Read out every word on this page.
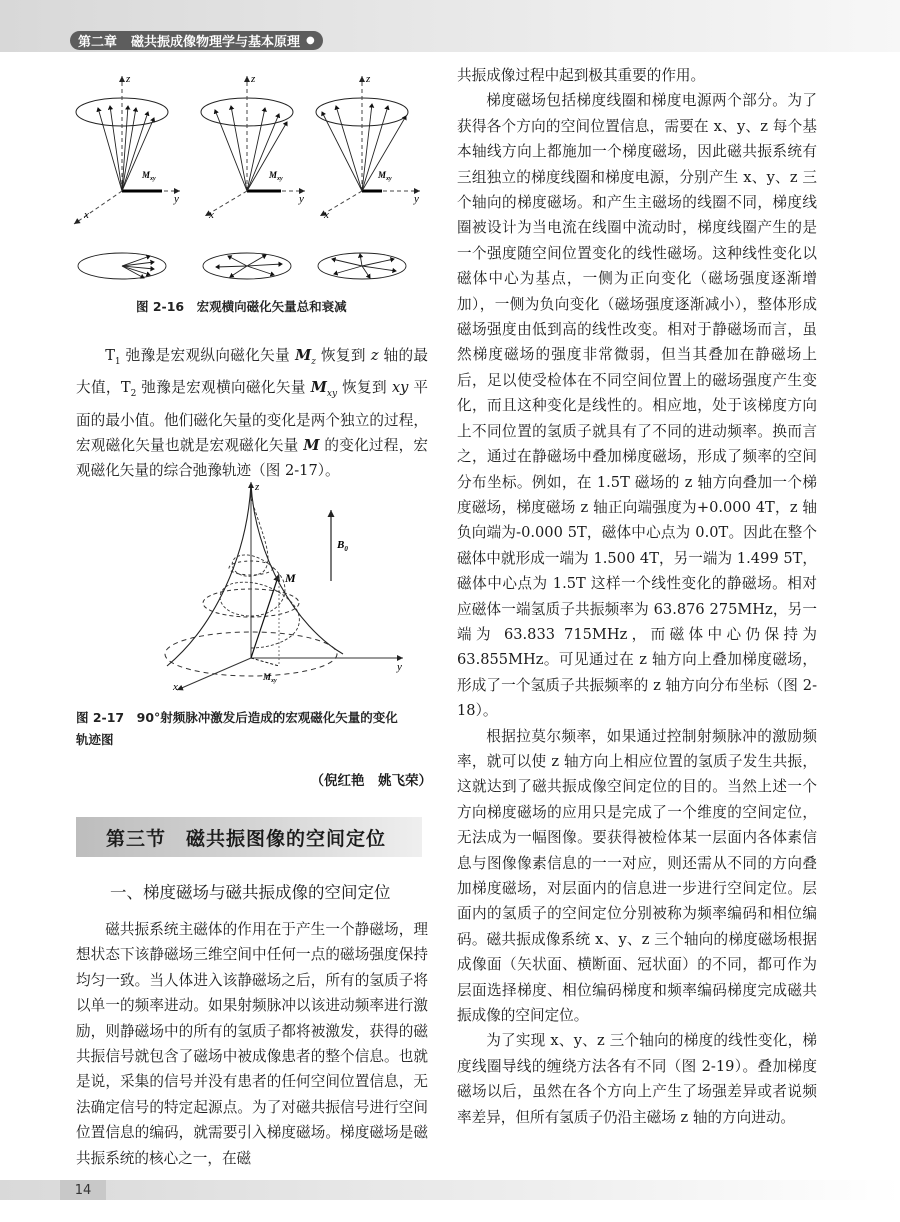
第二章 磁共振成像物理学与基本原理 ●
z
x
y
$M_{xy}$
z
x
y
$M_{xy}$
z
x
y
$M_{xy}$
图 2-16　宏观横向磁化矢量总和衰减

$T_1$ 弛豫是宏观纵向磁化矢量 $M_z$ 恢复到 z 轴的最大值，$T_2$ 弛豫是宏观横向磁化矢量 $M_{xy}$ 恢复到 xy 平面的最小值。他们磁化矢量的变化是两个独立的过程，宏观磁化矢量也就是宏观磁化矢量 M 的变化过程，宏观磁化矢量的综合弛豫轨迹（图 2-17）。

z
y
x
M
$B_0$
$M_{xy}$
图 2-17　90°射频脉冲激发后造成的宏观磁化矢量的变化
轨迹图
（倪红艳　姚飞荣）
第三节　磁共振图像的空间定位
一、梯度磁场与磁共振成像的空间定位

磁共振系统主磁体的作用在于产生一个静磁场，理想状态下该静磁场三维空间中任何一点的磁场强度保持均匀一致。当人体进入该静磁场之后，所有的氢质子将以单一的频率进动。如果射频脉冲以该进动频率进行激励，则静磁场中的所有的氢质子都将被激发，获得的磁共振信号就包含了磁场中被成像患者的整个信息。也就是说，采集的信号并没有患者的任何空间位置信息，无法确定信号的特定起源点。为了对磁共振信号进行空间位置信息的编码，就需要引入梯度磁场。梯度磁场是磁共振系统的核心之一，在磁

共振成像过程中起到极其重要的作用。

梯度磁场包括梯度线圈和梯度电源两个部分。为了获得各个方向的空间位置信息，需要在 x、y、z 每个基本轴线方向上都施加一个梯度磁场，因此磁共振系统有三组独立的梯度线圈和梯度电源，分别产生 x、y、z 三个轴向的梯度磁场。和产生主磁场的线圈不同，梯度线圈被设计为当电流在线圈中流动时，梯度线圈产生的是一个强度随空间位置变化的线性磁场。这种线性变化以磁体中心为基点，一侧为正向变化（磁场强度逐渐增加），一侧为负向变化（磁场强度逐渐减小），整体形成磁场强度由低到高的线性改变。相对于静磁场而言，虽然梯度磁场的强度非常微弱，但当其叠加在静磁场上后，足以使受检体在不同空间位置上的磁场强度产生变化，而且这种变化是线性的。相应地，处于该梯度方向上不同位置的氢质子就具有了不同的进动频率。换而言之，通过在静磁场中叠加梯度磁场，形成了频率的空间分布坐标。例如，在 1.5T 磁场的 z 轴方向叠加一个梯度磁场，梯度磁场 z 轴正向端强度为+0.000 4T，z 轴负向端为-0.000 5T，磁体中心点为 0.0T。因此在整个磁体中就形成一端为 1.500 4T，另一端为 1.499 5T，磁体中心点为 1.5T 这样一个线性变化的静磁场。相对应磁体一端氢质子共振频率为 63.876 275MHz，另一端为 63.833 715MHz，而磁体中心仍保持为 63.855MHz。可见通过在 z 轴方向上叠加梯度磁场，形成了一个氢质子共振频率的 z 轴方向分布坐标（图 2-18）。

根据拉莫尔频率，如果通过控制射频脉冲的激励频率，就可以使 z 轴方向上相应位置的氢质子发生共振，这就达到了磁共振成像空间定位的目的。当然上述一个方向梯度磁场的应用只是完成了一个维度的空间定位，无法成为一幅图像。要获得被检体某一层面内各体素信息与图像像素信息的一一对应，则还需从不同的方向叠加梯度磁场，对层面内的信息进一步进行空间定位。层面内的氢质子的空间定位分别被称为频率编码和相位编码。磁共振成像系统 x、y、z 三个轴向的梯度磁场根据成像面（矢状面、横断面、冠状面）的不同，都可作为层面选择梯度、相位编码梯度和频率编码梯度完成磁共振成像的空间定位。

为了实现 x、y、z 三个轴向的梯度的线性变化，梯度线圈导线的缠绕方法各有不同（图 2-19）。叠加梯度磁场以后，虽然在各个方向上产生了场强差异或者说频率差异，但所有氢质子仍沿主磁场 z 轴的方向进动。

14
